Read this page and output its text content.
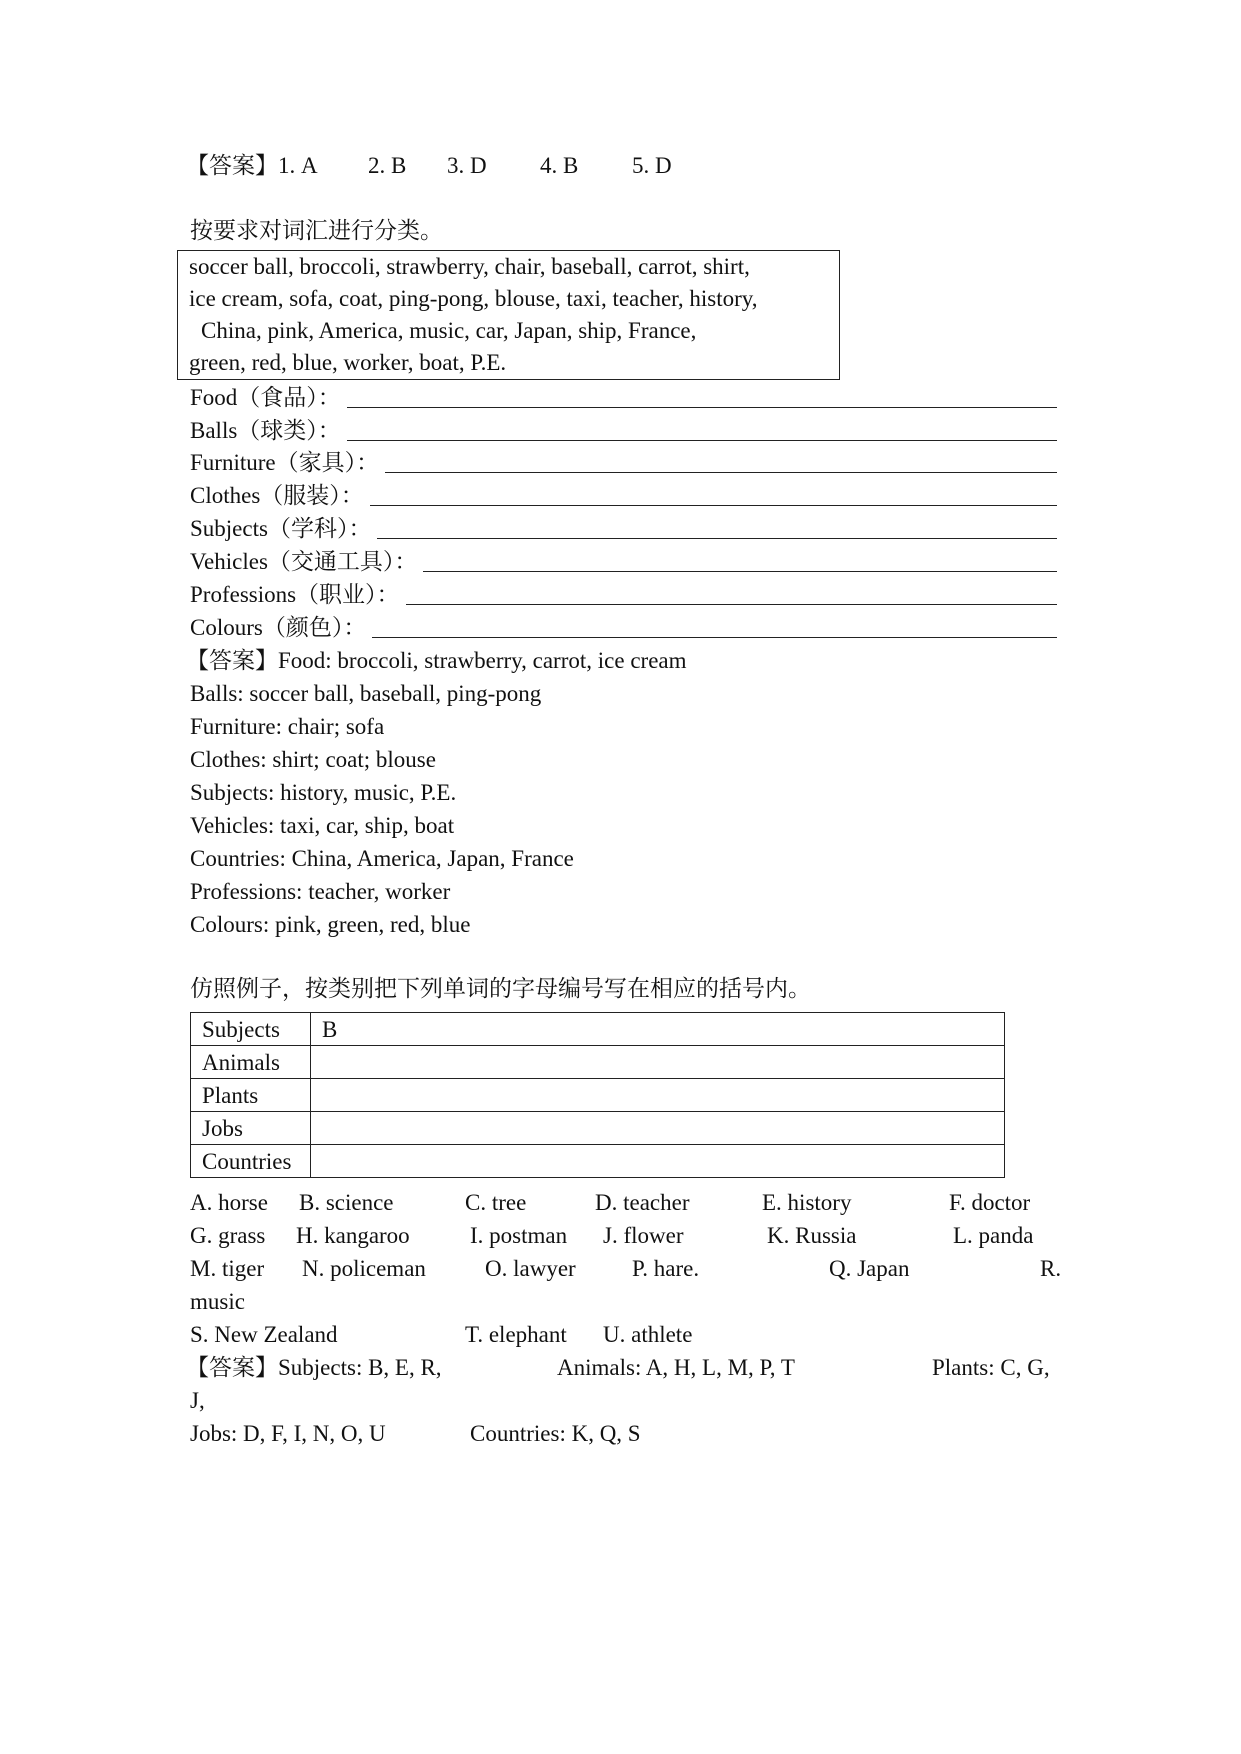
【答案】1. A 2. B 3. D 4. B 5. D
按要求对词汇进行分类。
soccer ball, broccoli, strawberry, chair, baseball, carrot, shirt,
ice cream, sofa, coat, ping-pong, blouse, taxi, teacher, history,
China, pink, America, music, car, Japan, ship, France,
green, red, blue, worker, boat, P.E.
Food（食品）：
Balls（球类）：
Furniture（家具）：
Clothes（服装）：
Subjects（学科）：
Vehicles（交通工具）：
Professions（职业）：
Colours（颜色）：
【答案】Food: broccoli, strawberry, carrot, ice cream
Balls: soccer ball, baseball, ping-pong
Furniture: chair; sofa
Clothes: shirt; coat; blouse
Subjects: history, music, P.E.
Vehicles: taxi, car, ship, boat
Countries: China, America, Japan, France
Professions: teacher, worker
Colours: pink, green, red, blue
仿照例子，按类别把下列单词的字母编号写在相应的括号内。
Subjects	B
Animals	
Plants	
Jobs	
Countries	
A. horse B. science	C. tree	D. teacher	E. history	F. doctor
G. grass H. kangaroo	I. postman J. flower	K. Russia	L. panda
M. tiger N. policeman	O. lawyer P. hare.	Q. Japan	R.
music
S. New Zealand	T. elephant U. athlete
【答案】Subjects: B, E, R,	Animals: A, H, L, M, P, T	Plants: C, G,
J,
Jobs: D, F, I, N, O, U	Countries: K, Q, S
